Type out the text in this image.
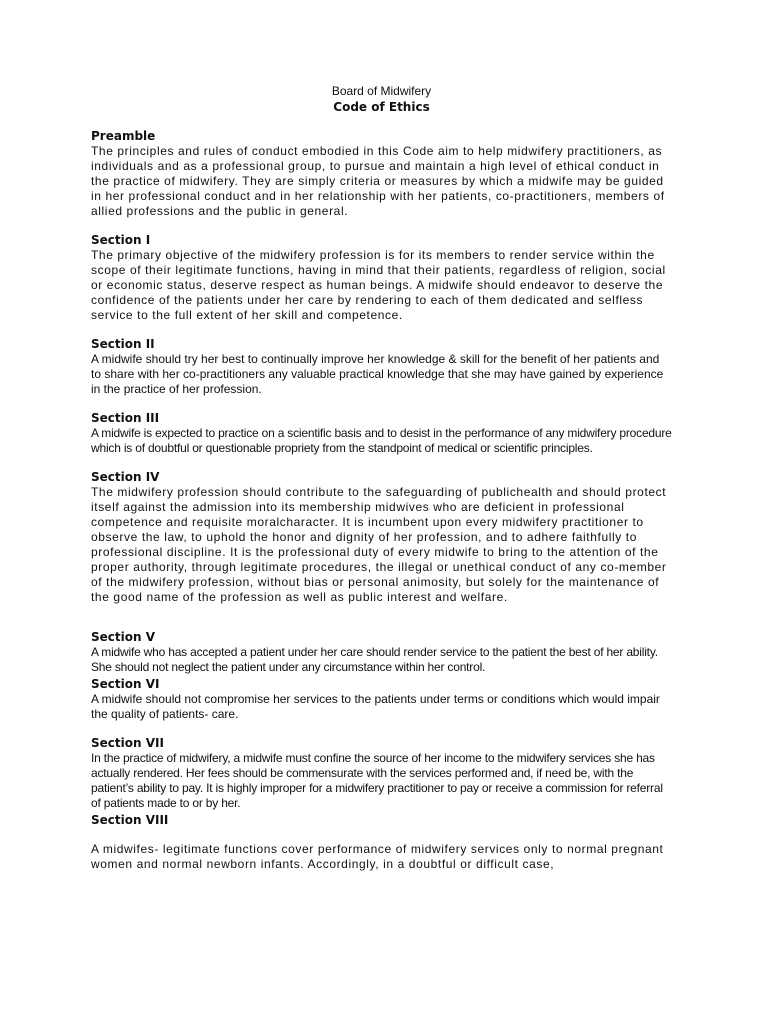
Board of Midwifery

Code of Ethics

Preamble

The principles and rules of conduct embodied in this Code aim to help midwifery practitioners, as individuals and as a professional group, to pursue and maintain a high level of ethical conduct in the practice of midwifery. They are simply criteria or measures by which a midwife may be guided in her professional conduct and in her relationship with her patients, co-practitioners, members of allied professions and the public in general.

Section I

The primary objective of the midwifery profession is for its members to render service within the scope of their legitimate functions, having in mind that their patients, regardless of religion, social or economic status, deserve respect as human beings. A midwife should endeavor to deserve the confidence of the patients under her care by rendering to each of them dedicated and selfless service to the full extent of her skill and competence.

Section II

A midwife should try her best to continually improve her knowledge & skill for the benefit of her patients and to share with her co-practitioners any valuable practical knowledge that she may have gained by experience in the practice of her profession.

Section III

A midwife is expected to practice on a scientific basis and to desist in the performance of any midwifery procedure which is of doubtful or questionable propriety from the standpoint of medical or scientific principles.

Section IV

The midwifery profession should contribute to the safeguarding of publichealth and should protect itself against the admission into its membership midwives who are deficient in professional competence and requisite moralcharacter. It is incumbent upon every midwifery practitioner to observe the law, to uphold the honor and dignity of her profession, and to adhere faithfully to professional discipline. It is the professional duty of every midwife to bring to the attention of the proper authority, through legitimate procedures, the illegal or unethical conduct of any co-member of the midwifery profession, without bias or personal animosity, but solely for the maintenance of the good name of the profession as well as public interest and welfare.

Section V

A midwife who has accepted a patient under her care should render service to the patient the best of her ability. She should not neglect the patient under any circumstance within her control.

Section VI

A midwife should not compromise her services to the patients under terms or conditions which would impair the quality of patients- care.

Section VII

In the practice of midwifery, a midwife must confine the source of her income to the midwifery services she has actually rendered. Her fees should be commensurate with the services performed and, if need be, with the patient’s ability to pay. It is highly improper for a midwifery practitioner to pay or receive a commission for referral of patients made to or by her.

Section VIII

A midwifes- legitimate functions cover performance of midwifery services only to normal pregnant women and normal newborn infants. Accordingly, in a doubtful or difficult case,
